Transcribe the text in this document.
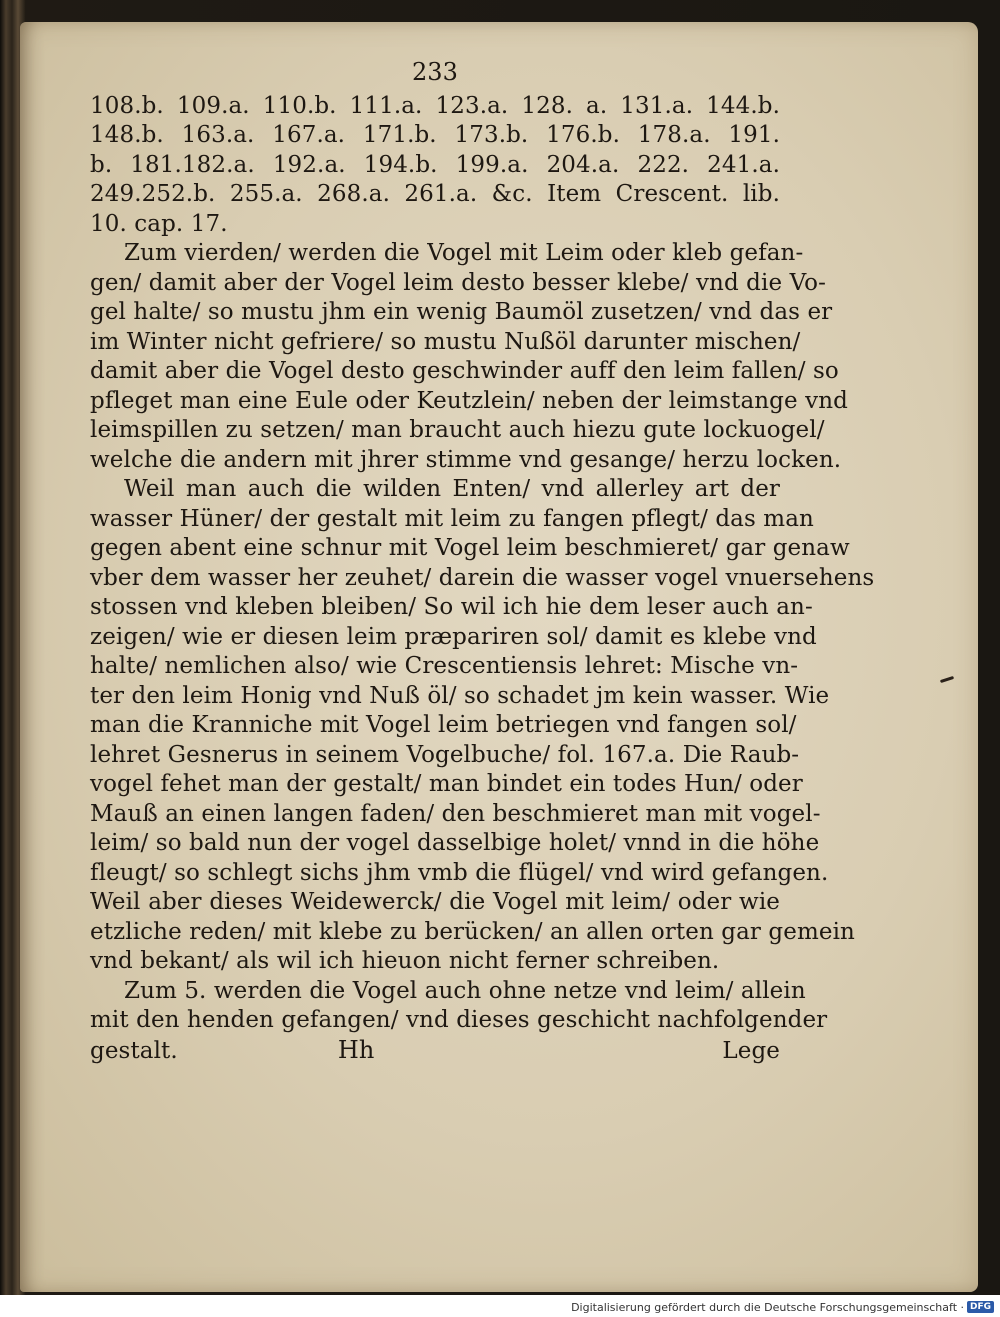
233
108.b. 109.a. 110.b. 111.a. 123.a. 128. a. 131.a. 144.b.
148.b. 163.a. 167.a. 171.b. 173.b. 176.b. 178.a. 191.
b. 181.182.a. 192.a. 194.b. 199.a. 204.a. 222. 241.a.
249.252.b. 255.a. 268.a. 261.a. &c. Item Crescent. lib.
10. cap. 17.
Zum vierden/ werden die Vogel mit Leim oder kleb gefan-
gen/ damit aber der Vogel leim desto besser klebe/ vnd die Vo-
gel halte/ so mustu jhm ein wenig Baumöl zusetzen/ vnd das er
im Winter nicht gefriere/ so mustu Nußöl darunter mischen/
damit aber die Vogel desto geschwinder auff den leim fallen/ so
pfleget man eine Eule oder Keutzlein/ neben der leimstange vnd
leimspillen zu setzen/ man braucht auch hiezu gute lockuogel/
welche die andern mit jhrer stimme vnd gesange/ herzu locken.
Weil man auch die wilden Enten/ vnd allerley art der
wasser Hüner/ der gestalt mit leim zu fangen pflegt/ das man
gegen abent eine schnur mit Vogel leim beschmieret/ gar genaw
vber dem wasser her zeuhet/ darein die wasser vogel vnuersehens
stossen vnd kleben bleiben/ So wil ich hie dem leser auch an-
zeigen/ wie er diesen leim præpariren sol/ damit es klebe vnd
halte/ nemlichen also/ wie Crescentiensis lehret: Mische vn-
ter den leim Honig vnd Nuß öl/ so schadet jm kein wasser. Wie
man die Kranniche mit Vogel leim betriegen vnd fangen sol/
lehret Gesnerus in seinem Vogelbuche/ fol. 167.a. Die Raub-
vogel fehet man der gestalt/ man bindet ein todes Hun/ oder
Mauß an einen langen faden/ den beschmieret man mit vogel-
leim/ so bald nun der vogel dasselbige holet/ vnnd in die höhe
fleugt/ so schlegt sichs jhm vmb die flügel/ vnd wird gefangen.
Weil aber dieses Weidewerck/ die Vogel mit leim/ oder wie
etzliche reden/ mit klebe zu berücken/ an allen orten gar gemein
vnd bekant/ als wil ich hieuon nicht ferner schreiben.
Zum 5. werden die Vogel auch ohne netze vnd leim/ allein
mit den henden gefangen/ vnd dieses geschicht nachfolgender
gestalt.	Hh	Lege
Digitalisierung gefördert durch die Deutsche Forschungsgemeinschaft · DFG
